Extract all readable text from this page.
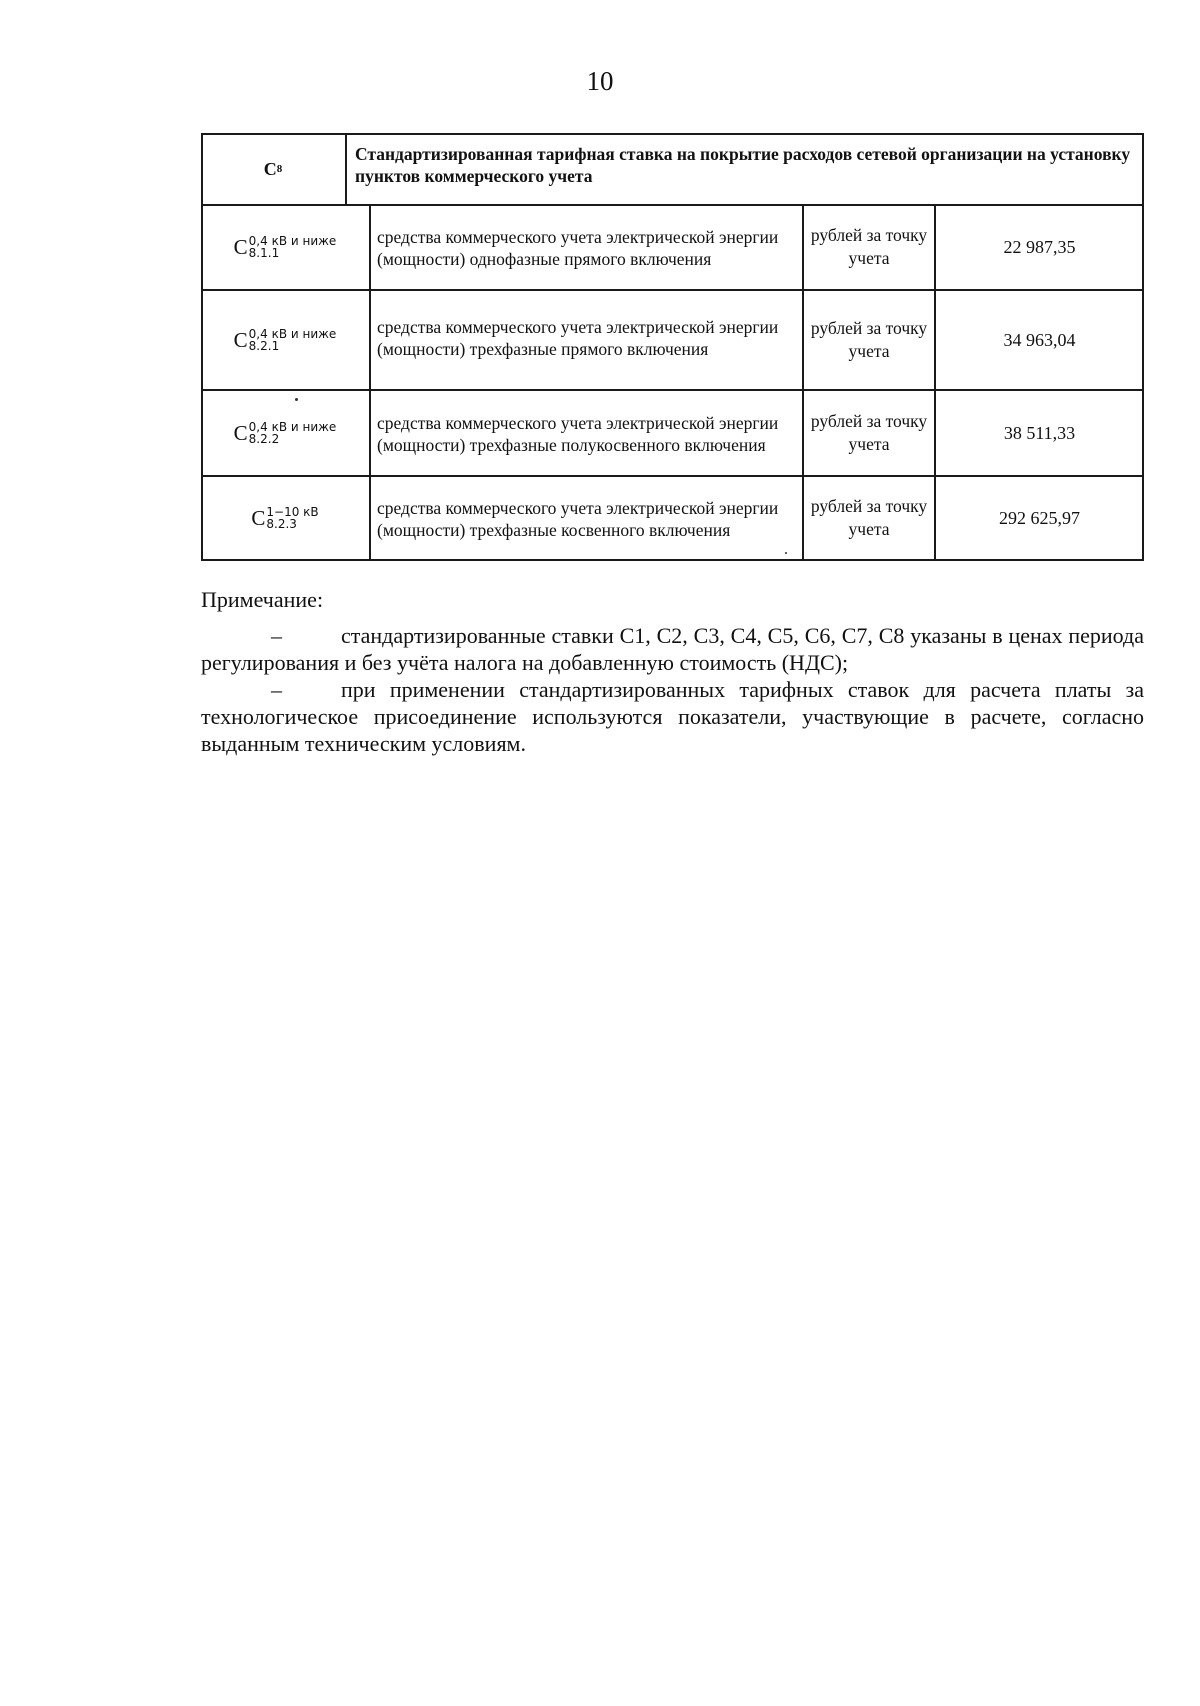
10
C 8
Стандартизированная тарифная ставка на покрытие расходов сетевой организации на установку пунктов коммерческого учета
C 0,4 кВ и ниже
8.1.1
средства коммерческого учета электрической энергии (мощности) однофазные прямого включения
рублей за точку учета
22 987,35
C 0,4 кВ и ниже
8.2.1
средства коммерческого учета электрической энергии (мощности) трехфазные прямого включения
рублей за точку учета
34 963,04
C 0,4 кВ и ниже
8.2.2
средства коммерческого учета электрической энергии (мощности) трехфазные полукосвенного включения
рублей за точку учета
38 511,33
C 1−10 кВ
8.2.3
средства коммерческого учета электрической энергии (мощности) трехфазные косвенного включения
рублей за точку учета
292 625,97
Примечание:
–	стандартизированные ставки С1, С2, С3, С4, С5, С6, С7, С8 указаны в ценах периода регулирования и без учёта налога на добавленную стоимость (НДС);
–	при применении стандартизированных тарифных ставок для расчета платы за технологическое присоединение используются показатели, участвующие в расчете, согласно выданным техническим условиям.
